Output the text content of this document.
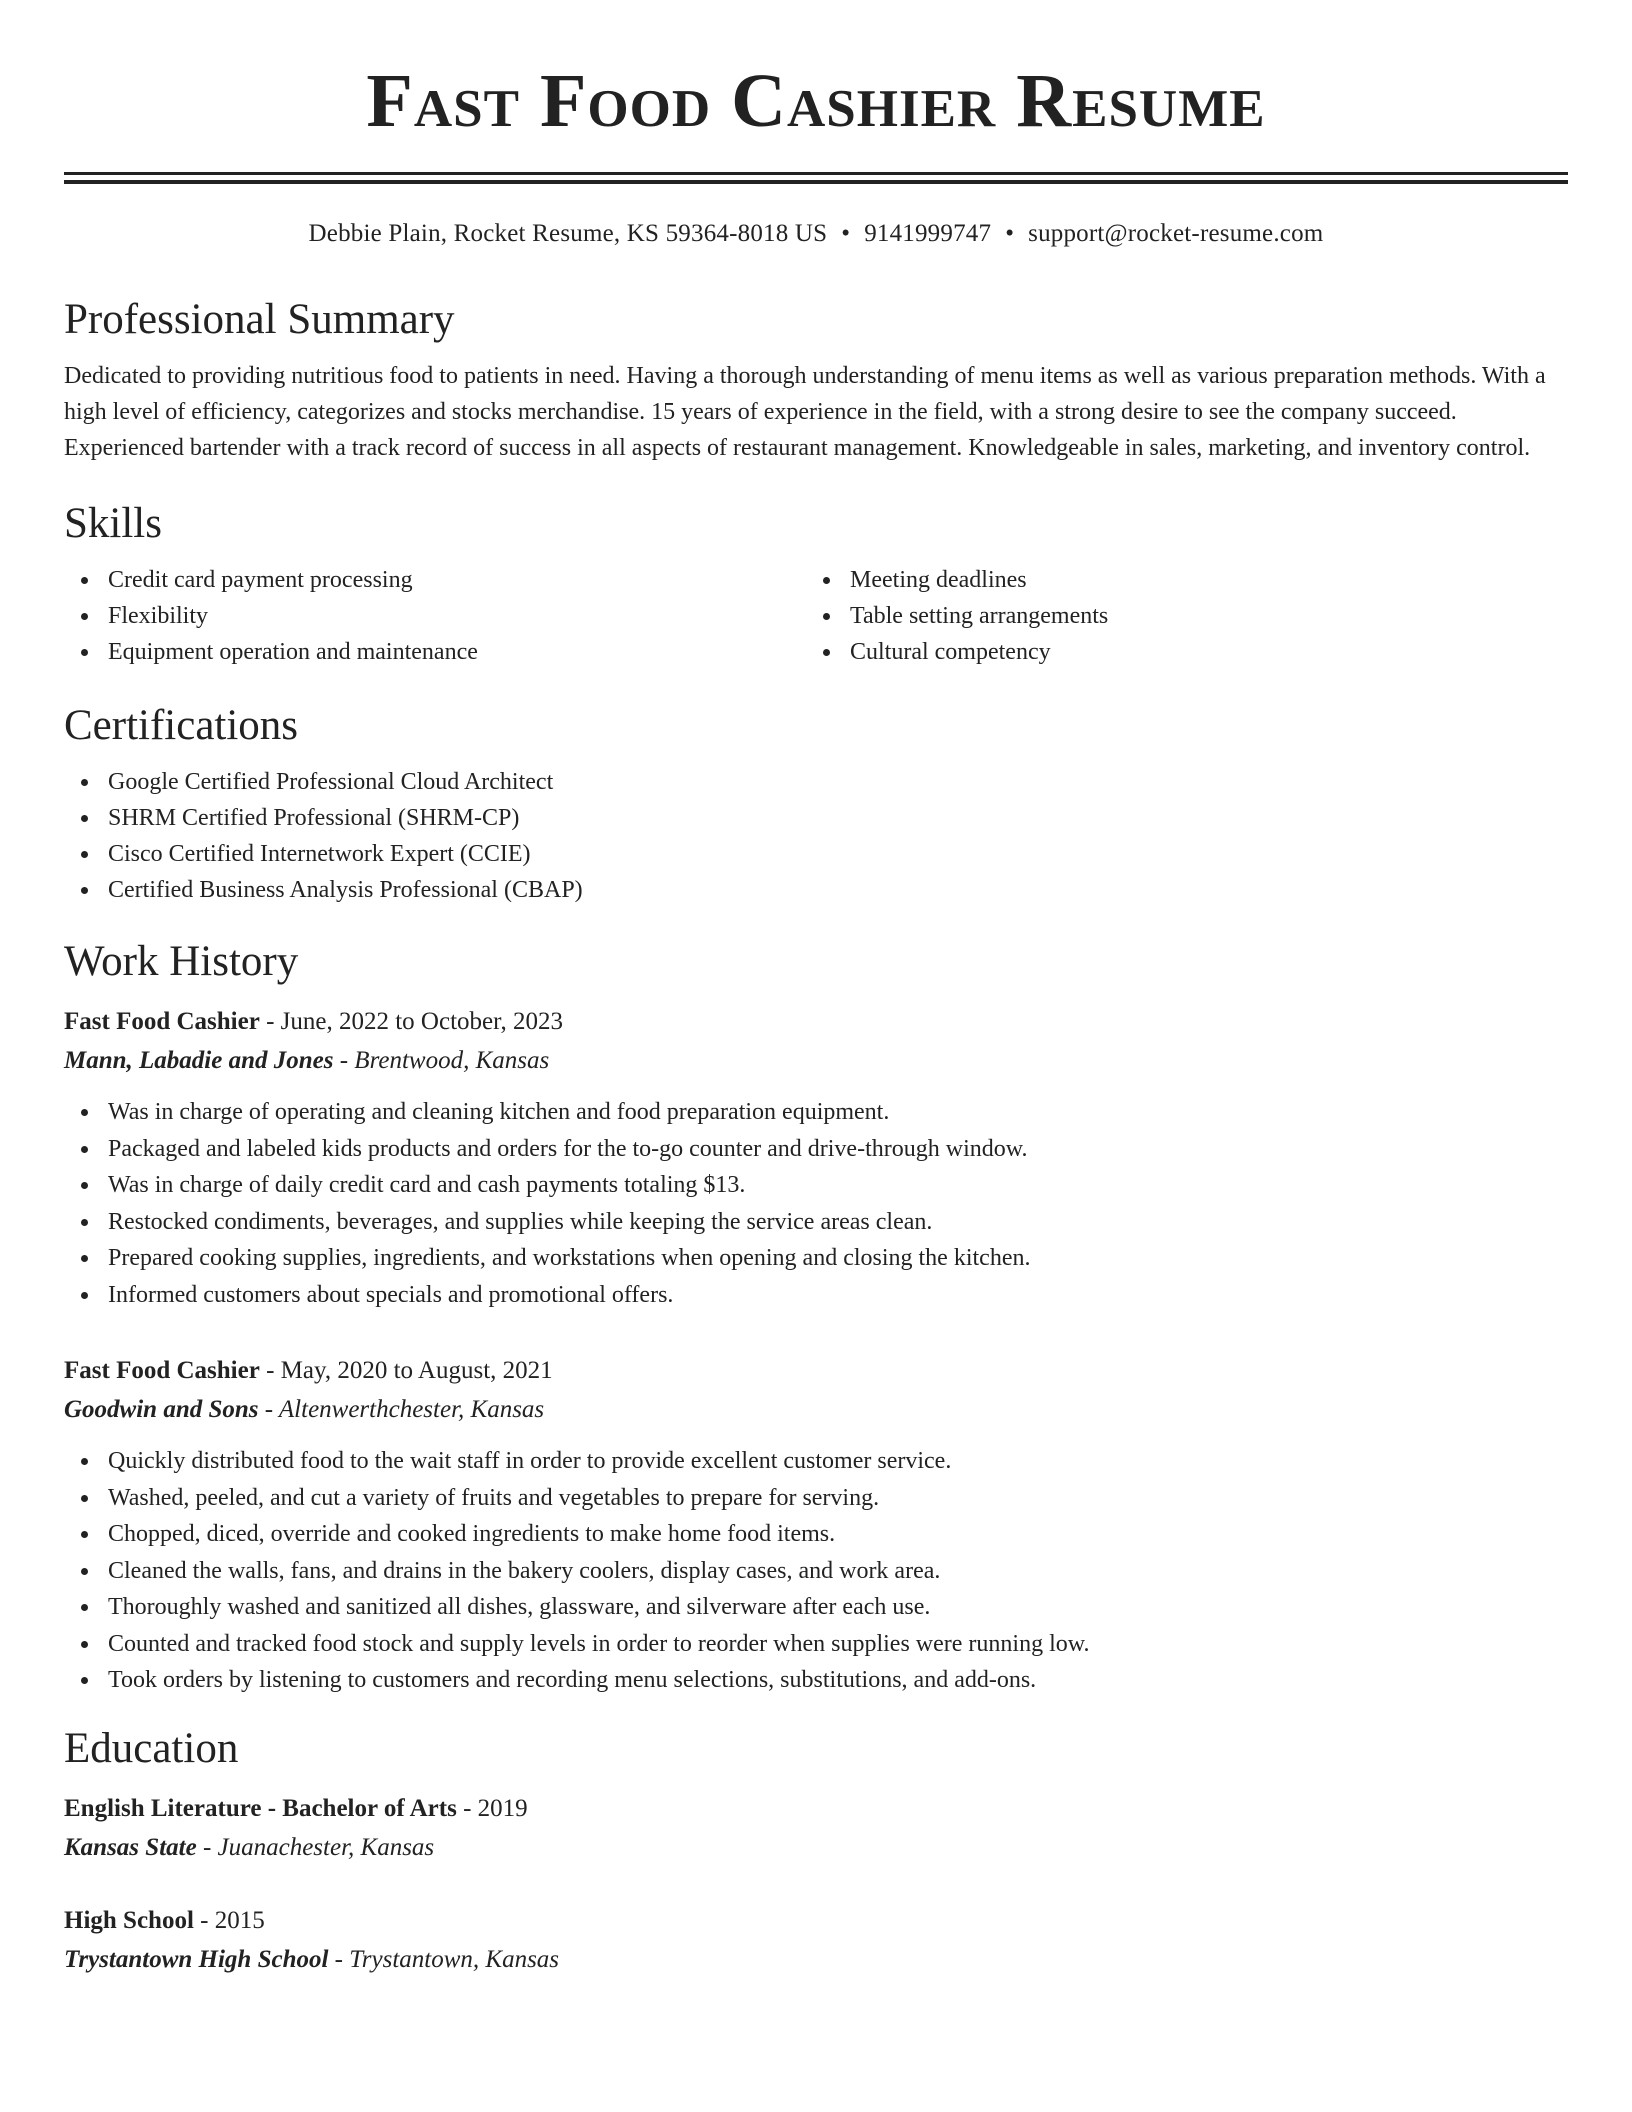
Fast Food Cashier Resume
Debbie Plain, Rocket Resume, KS 59364-8018 US • 9141999747 • support@rocket-resume.com
Professional Summary
Dedicated to providing nutritious food to patients in need. Having a thorough understanding of menu items as well as various preparation methods. With a high level of efficiency, categorizes and stocks merchandise. 15 years of experience in the field, with a strong desire to see the company succeed. Experienced bartender with a track record of success in all aspects of restaurant management. Knowledgeable in sales, marketing, and inventory control.
Skills
Credit card payment processing
Flexibility
Equipment operation and maintenance
Meeting deadlines
Table setting arrangements
Cultural competency
Certifications
Google Certified Professional Cloud Architect
SHRM Certified Professional (SHRM-CP)
Cisco Certified Internetwork Expert (CCIE)
Certified Business Analysis Professional (CBAP)
Work History
Fast Food Cashier - June, 2022 to October, 2023
Mann, Labadie and Jones - Brentwood, Kansas
Was in charge of operating and cleaning kitchen and food preparation equipment.
Packaged and labeled kids products and orders for the to-go counter and drive-through window.
Was in charge of daily credit card and cash payments totaling $13.
Restocked condiments, beverages, and supplies while keeping the service areas clean.
Prepared cooking supplies, ingredients, and workstations when opening and closing the kitchen.
Informed customers about specials and promotional offers.
Fast Food Cashier - May, 2020 to August, 2021
Goodwin and Sons - Altenwerthchester, Kansas
Quickly distributed food to the wait staff in order to provide excellent customer service.
Washed, peeled, and cut a variety of fruits and vegetables to prepare for serving.
Chopped, diced, override and cooked ingredients to make home food items.
Cleaned the walls, fans, and drains in the bakery coolers, display cases, and work area.
Thoroughly washed and sanitized all dishes, glassware, and silverware after each use.
Counted and tracked food stock and supply levels in order to reorder when supplies were running low.
Took orders by listening to customers and recording menu selections, substitutions, and add-ons.
Education
English Literature - Bachelor of Arts - 2019
Kansas State - Juanachester, Kansas
High School - 2015
Trystantown High School - Trystantown, Kansas
